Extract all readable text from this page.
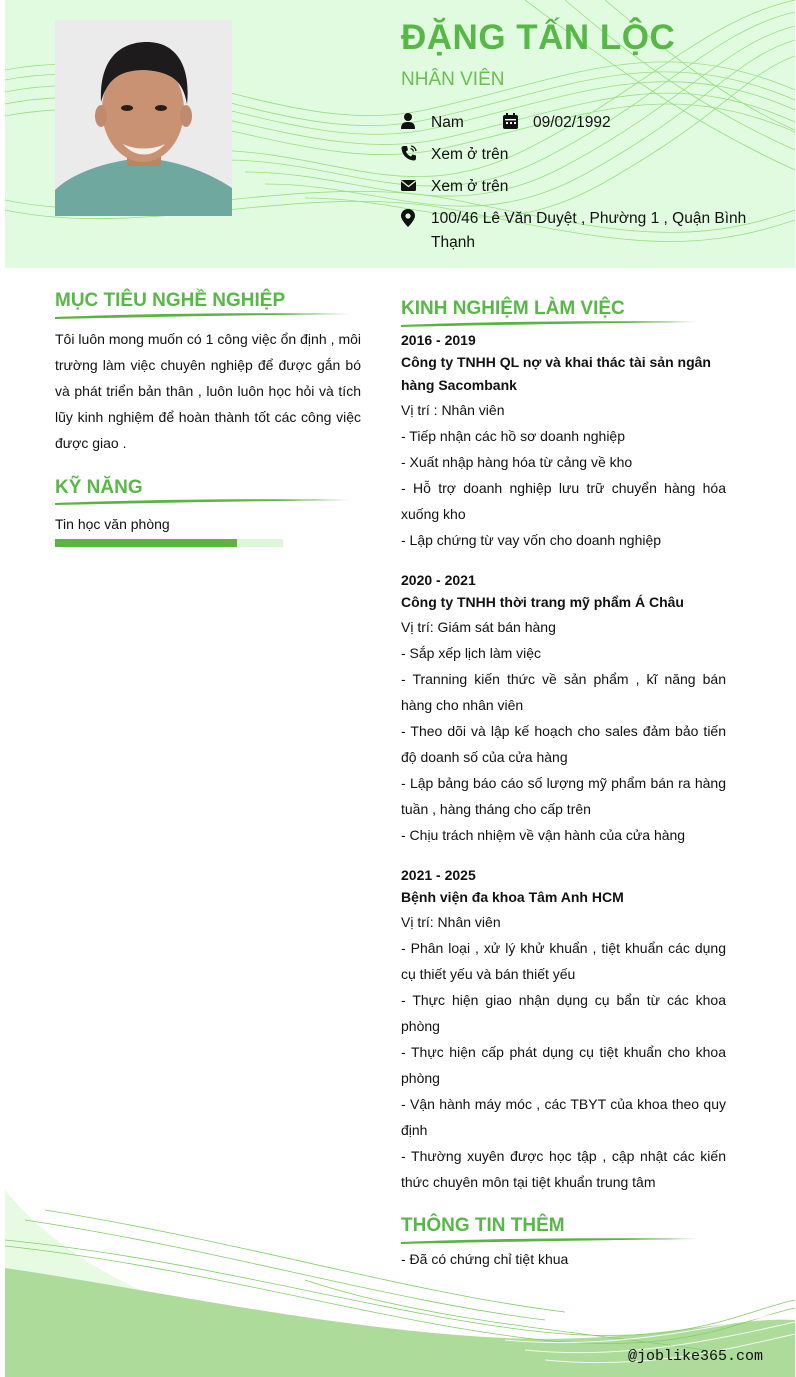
ĐẶNG TẤN LỘC
NHÂN VIÊN
Nam	09/02/1992
Xem ở trên
Xem ở trên
100/46 Lê Văn Duyệt , Phường 1 , Quận Bình Thạnh
MỤC TIÊU NGHỀ NGHIỆP
Tôi luôn mong muốn có 1 công việc ổn định , môi trường làm việc chuyên nghiệp để được gắn bó và phát triển bản thân , luôn luôn học hỏi và tích lũy kinh nghiệm để hoàn thành tốt các công việc được giao .
KỸ NĂNG
Tin học văn phòng
KINH NGHIỆM LÀM VIỆC
2016 - 2019
Công ty TNHH QL nợ và khai thác tài sản ngân hàng Sacombank
Vị trí : Nhân viên
- Tiếp nhận các hồ sơ doanh nghiệp
- Xuất nhập hàng hóa từ cảng về kho
- Hỗ trợ doanh nghiệp lưu trữ chuyển hàng hóa xuống kho
- Lập chứng từ vay vốn cho doanh nghiệp
2020 - 2021
Công ty TNHH thời trang mỹ phẩm Á Châu
Vị trí: Giám sát bán hàng
- Sắp xếp lịch làm việc
- Tranning kiến thức về sản phẩm , kĩ năng bán hàng cho nhân viên
- Theo dõi và lập kế hoạch cho sales đảm bảo tiến độ doanh số của cửa hàng
- Lập bảng báo cáo số lượng mỹ phẩm bán ra hàng tuần , hàng tháng cho cấp trên
- Chịu trách nhiệm về vận hành của cửa hàng
2021 - 2025
Bệnh viện đa khoa Tâm Anh HCM
Vị trí: Nhân viên
- Phân loại , xử lý khử khuẩn , tiệt khuẩn các dụng cụ thiết yếu và bán thiết yếu
- Thực hiện giao nhận dụng cụ bẩn từ các khoa phòng
- Thực hiện cấp phát dụng cụ tiệt khuẩn cho khoa phòng
- Vận hành máy móc , các TBYT của khoa theo quy định
- Thường xuyên được học tập , cập nhật các kiến thức chuyên môn tại tiệt khuẩn trung tâm
THÔNG TIN THÊM
- Đã có chứng chỉ tiệt khua
@joblike365.com
